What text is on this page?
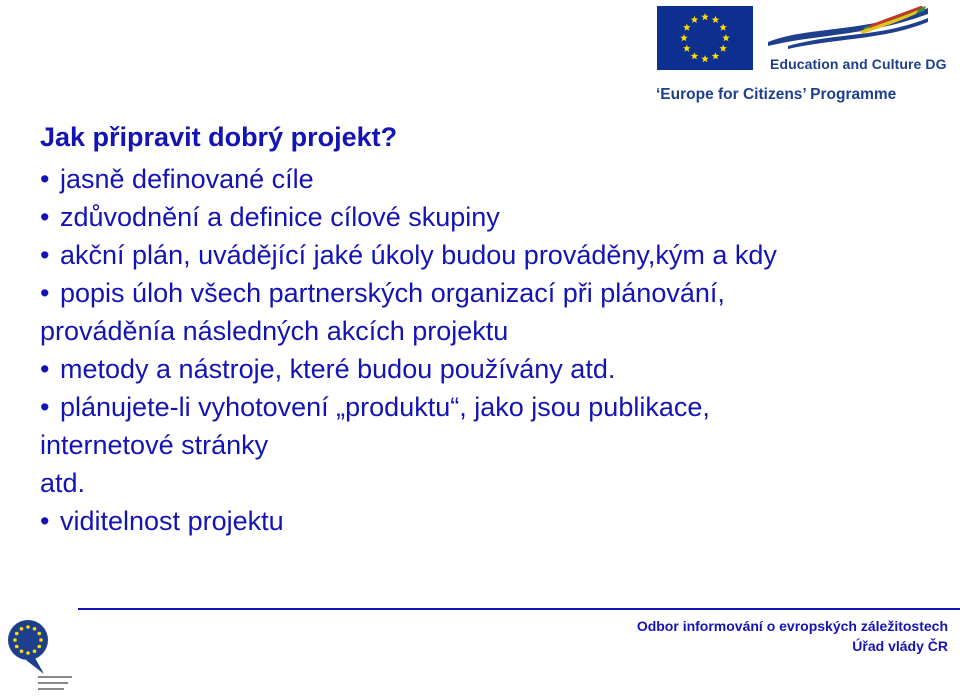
Education and Culture DG
‘Europe for Citizens’ Programme
Jak připravit dobrý projekt?
• jasně definované cíle
• zdůvodnění a definice cílové skupiny
• akční plán, uvádějící jaké úkoly budou prováděny,kým a kdy
• popis úloh všech partnerských organizací při plánování,
prováděnía následných akcích projektu
• metody a nástroje, které budou používány atd.
• plánujete-li vyhotovení „produktu“, jako jsou publikace,
internetové stránky
atd.
• viditelnost projektu
Odbor informování o evropských záležitostech
Úřad vlády ČR
